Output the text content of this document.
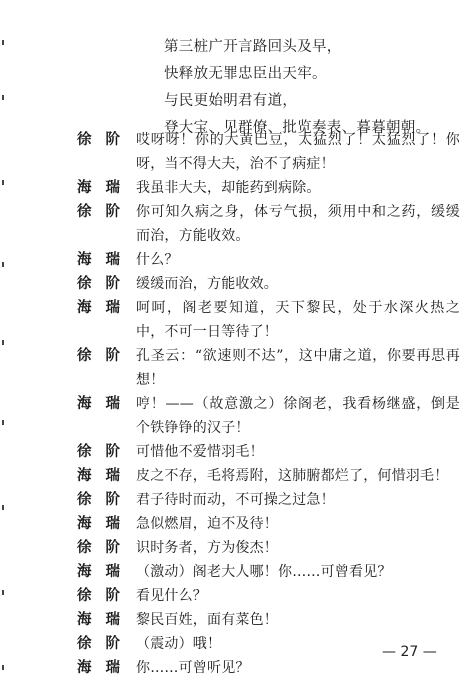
第三桩广开言路回头及早，
快释放无罪忠臣出天牢。
与民更始明君有道，
登大宝、见群僚、批览奏表、暮暮朝朝。
徐阶 哎呀呀！你的大黄巴豆，太猛烈了！太猛烈了！你呀，当不得大夫，治不了病症！
海瑞 我虽非大夫，却能药到病除。
徐阶 你可知久病之身，体亏气损，须用中和之药，缓缓而治，方能收效。
海瑞 什么？
徐阶 缓缓而治，方能收效。
海瑞 呵呵，阁老要知道，天下黎民，处于水深火热之中，不可一日等待了！
徐阶 孔圣云：“欲速则不达”，这中庸之道，你要再思再想！
海瑞 哼！——（故意激之）徐阁老，我看杨继盛，倒是个铁铮铮的汉子！
徐阶 可惜他不爱惜羽毛！
海瑞 皮之不存，毛将焉附，这肺腑都烂了，何惜羽毛！
徐阶 君子待时而动，不可操之过急！
海瑞 急似燃眉，迫不及待！
徐阶 识时务者，方为俊杰！
海瑞 （激动）阁老大人哪！你……可曾看见？
徐阶 看见什么？
海瑞 黎民百姓，面有菜色！
徐阶 （震动）哦！
海瑞 你……可曾听见？
— 27 —
